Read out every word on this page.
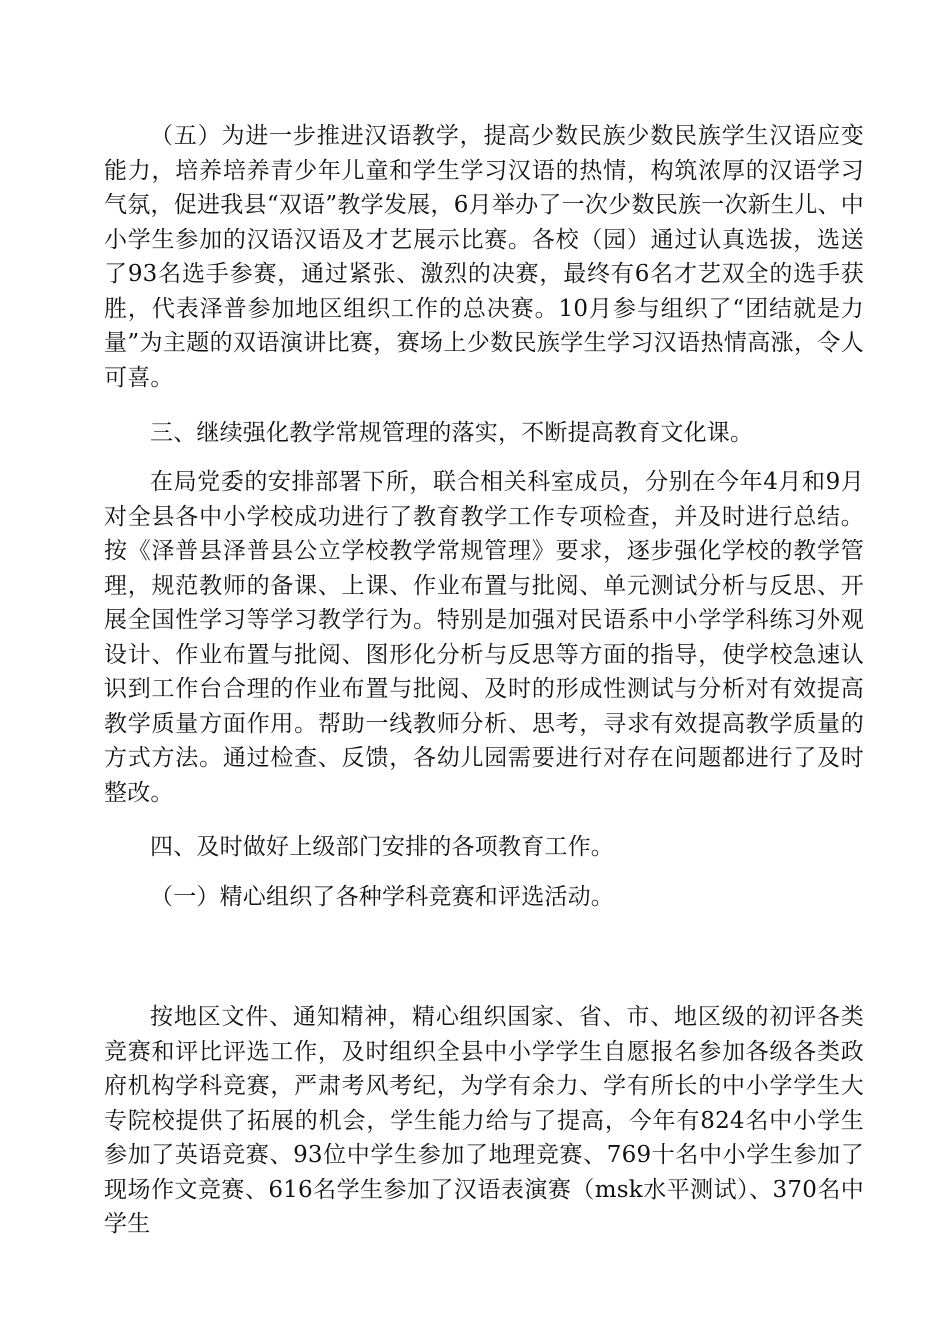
（五）为进一步推进汉语教学，提高少数民族少数民族学生汉语应变能力，培养培养青少年儿童和学生学习汉语的热情，构筑浓厚的汉语学习气氛，促进我县“双语”教学发展，6月举办了一次少数民族一次新生儿、中小学生参加的汉语汉语及才艺展示比赛。各校（园）通过认真选拔，选送了93名选手参赛，通过紧张、激烈的决赛，最终有6名才艺双全的选手获胜，代表泽普参加地区组织工作的总决赛。10月参与组织了“团结就是力量”为主题的双语演讲比赛，赛场上少数民族学生学习汉语热情高涨，令人可喜。

三、继续强化教学常规管理的落实，不断提高教育文化课。

在局党委的安排部署下所，联合相关科室成员，分别在今年4月和9月对全县各中小学校成功进行了教育教学工作专项检查，并及时进行总结。按《泽普县泽普县公立学校教学常规管理》要求，逐步强化学校的教学管理，规范教师的备课、上课、作业布置与批阅、单元测试分析与反思、开展全国性学习等学习教学行为。特别是加强对民语系中小学学科练习外观设计、作业布置与批阅、图形化分析与反思等方面的指导，使学校急速认识到工作台合理的作业布置与批阅、及时的形成性测试与分析对有效提高教学质量方面作用。帮助一线教师分析、思考，寻求有效提高教学质量的方式方法。通过检查、反馈，各幼儿园需要进行对存在问题都进行了及时整改。

四、及时做好上级部门安排的各项教育工作。

（一）精心组织了各种学科竞赛和评选活动。

按地区文件、通知精神，精心组织国家、省、市、地区级的初评各类竞赛和评比评选工作，及时组织全县中小学学生自愿报名参加各级各类政府机构学科竞赛，严肃考风考纪，为学有余力、学有所长的中小学学生大专院校提供了拓展的机会，学生能力给与了提高，今年有824名中小学生参加了英语竞赛、93位中学生参加了地理竞赛、769十名中小学生参加了现场作文竞赛、616名学生参加了汉语表演赛（msk水平测试）、370名中学生
